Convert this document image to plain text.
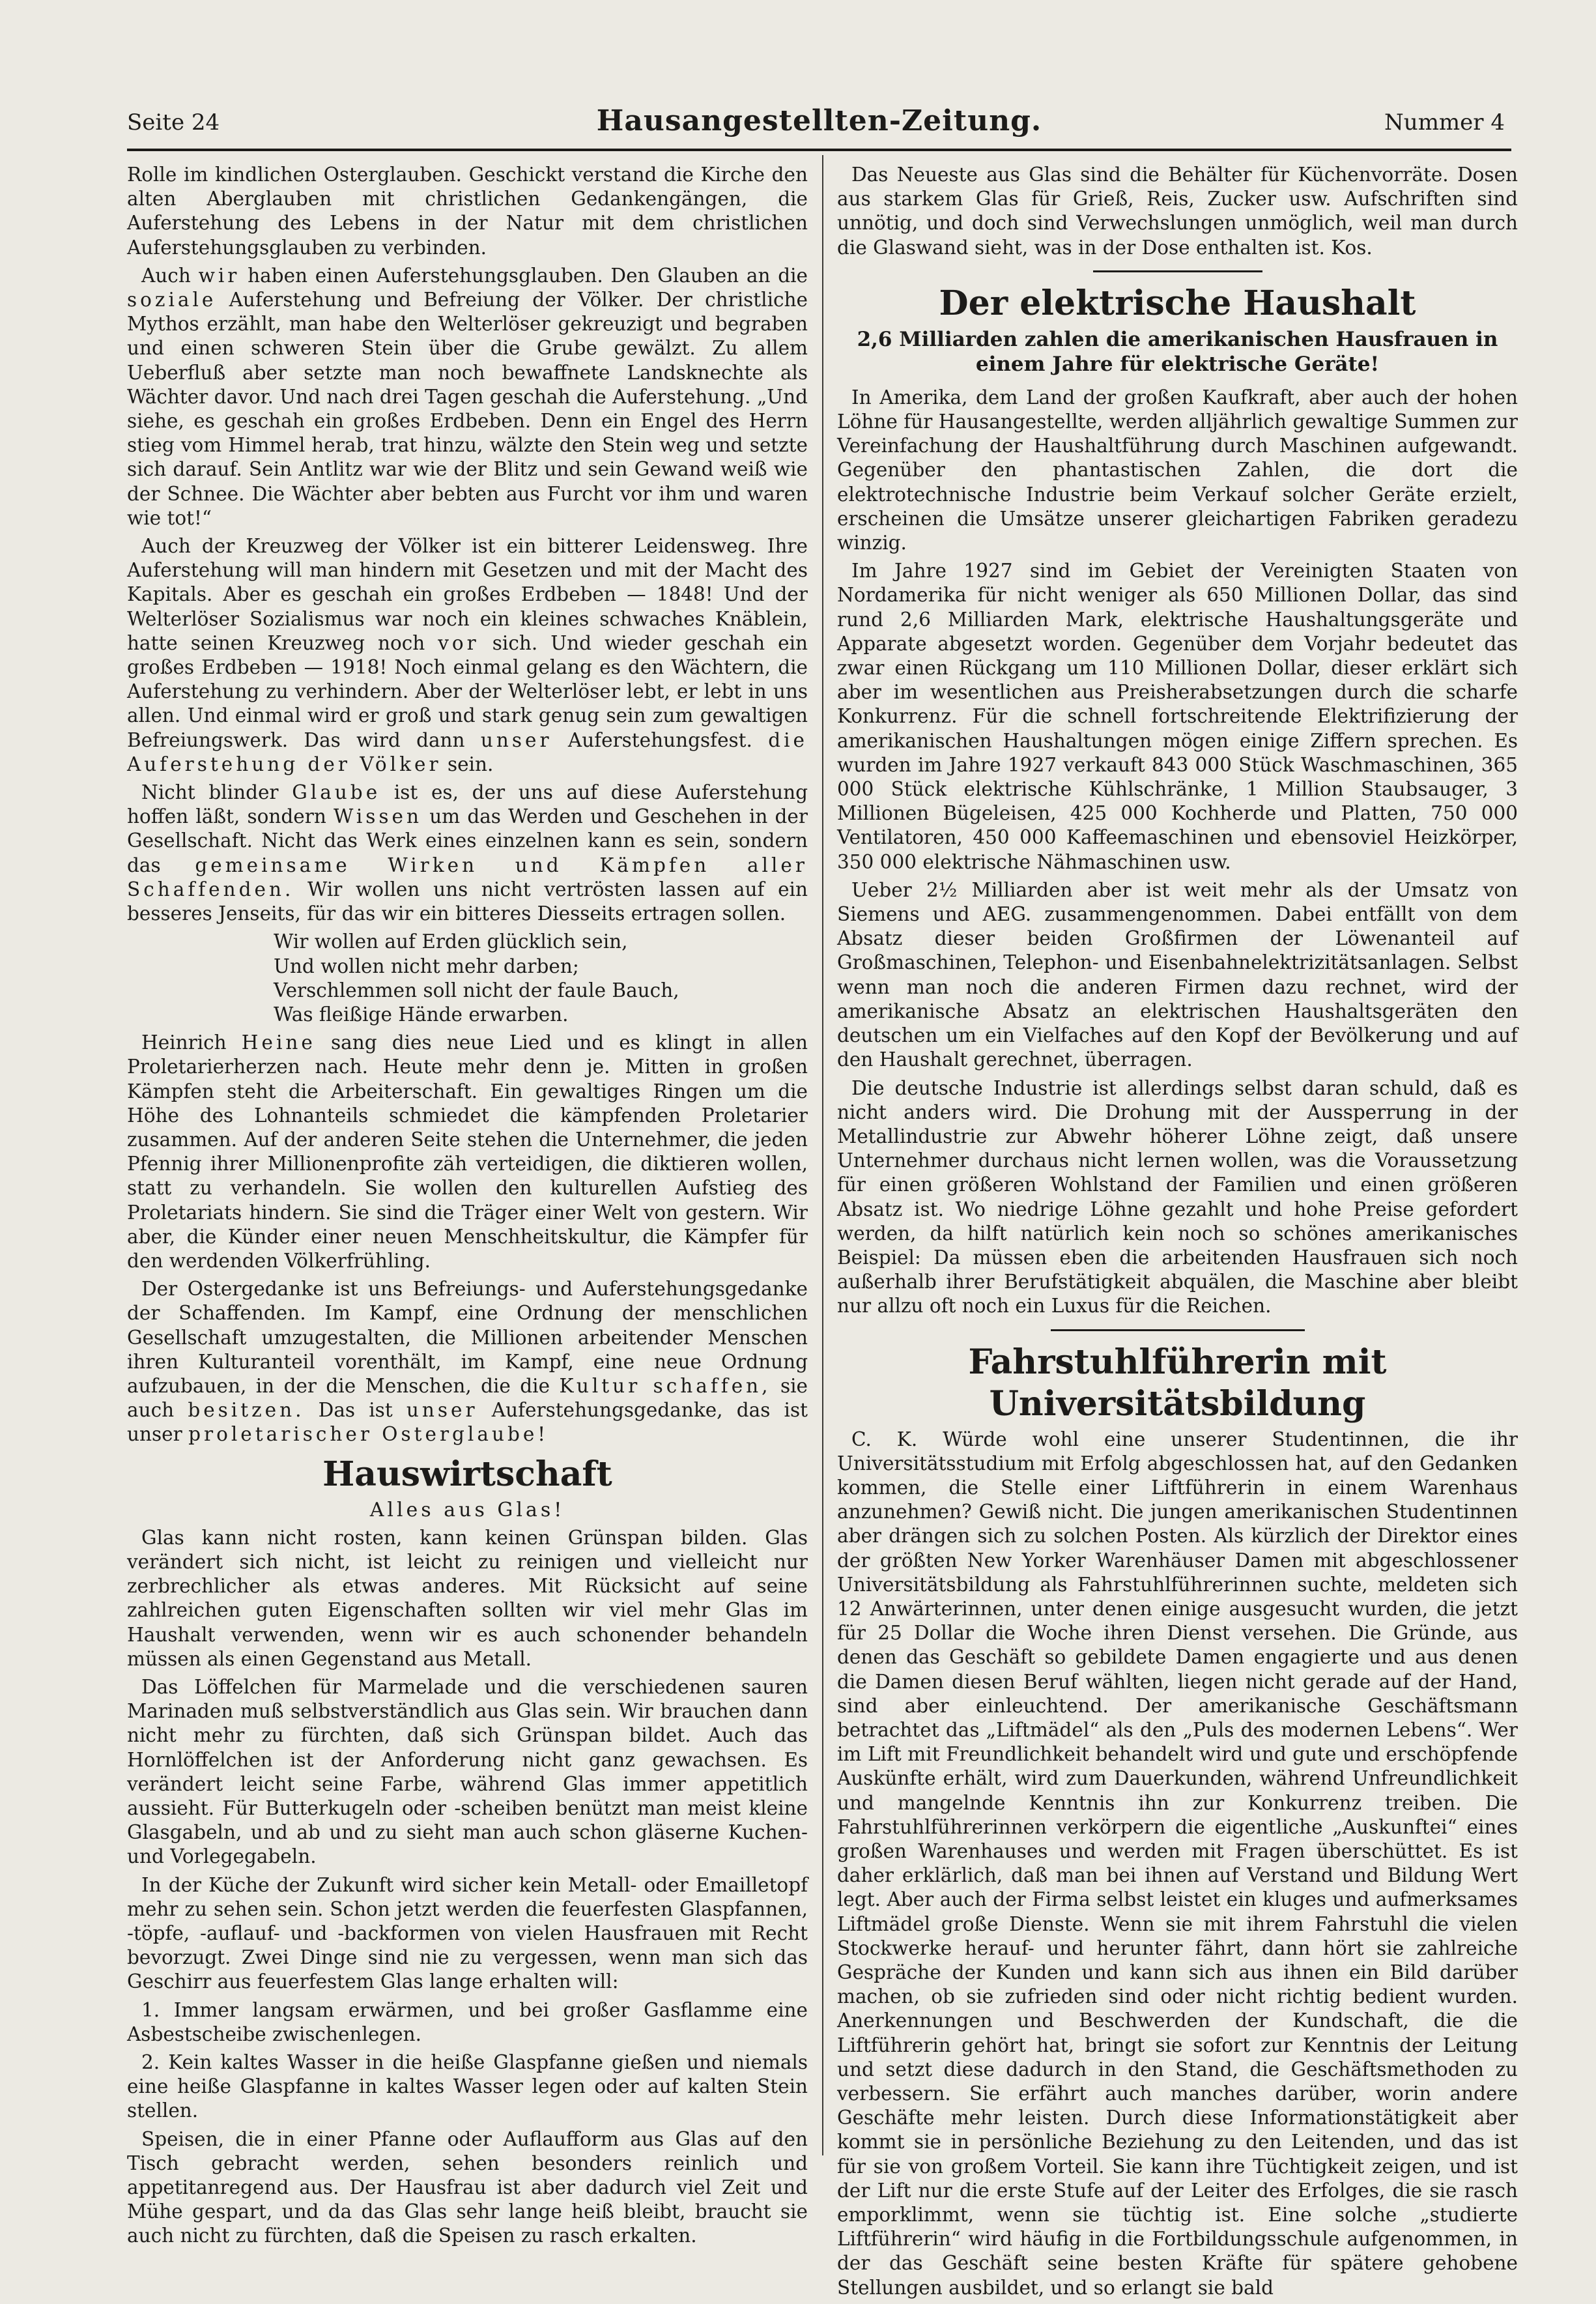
Seite 24	Hausangestellten-Zeitung.	Nummer 4

Rolle im kindlichen Osterglauben. Geschickt verstand die Kirche den alten Aberglauben mit christlichen Gedankengängen, die Auferstehung des Lebens in der Natur mit dem christlichen Auferstehungsglauben zu verbinden.

Auch wir haben einen Auferstehungsglauben. Den Glauben an die soziale Auferstehung und Befreiung der Völker. Der christliche Mythos erzählt, man habe den Welterlöser gekreuzigt und begraben und einen schweren Stein über die Grube gewälzt. Zu allem Ueberfluß aber setzte man noch bewaffnete Landsknechte als Wächter davor. Und nach drei Tagen geschah die Auferstehung. „Und siehe, es geschah ein großes Erdbeben. Denn ein Engel des Herrn stieg vom Himmel herab, trat hinzu, wälzte den Stein weg und setzte sich darauf. Sein Antlitz war wie der Blitz und sein Gewand weiß wie der Schnee. Die Wächter aber bebten aus Furcht vor ihm und waren wie tot!“

Auch der Kreuzweg der Völker ist ein bitterer Leidensweg. Ihre Auferstehung will man hindern mit Gesetzen und mit der Macht des Kapitals. Aber es geschah ein großes Erdbeben — 1848! Und der Welterlöser Sozialismus war noch ein kleines schwaches Knäblein, hatte seinen Kreuzweg noch vor sich. Und wieder geschah ein großes Erdbeben — 1918! Noch einmal gelang es den Wächtern, die Auferstehung zu verhindern. Aber der Welterlöser lebt, er lebt in uns allen. Und einmal wird er groß und stark genug sein zum gewaltigen Befreiungswerk. Das wird dann unser Auferstehungsfest. die Auferstehung der Völker sein.

Nicht blinder Glaube ist es, der uns auf diese Auferstehung hoffen läßt, sondern Wissen um das Werden und Geschehen in der Gesellschaft. Nicht das Werk eines einzelnen kann es sein, sondern das gemeinsame Wirken und Kämpfen aller Schaffenden. Wir wollen uns nicht vertrösten lassen auf ein besseres Jenseits, für das wir ein bitteres Diesseits ertragen sollen.

Wir wollen auf Erden glücklich sein,
Und wollen nicht mehr darben;
Verschlemmen soll nicht der faule Bauch,
Was fleißige Hände erwarben.

Heinrich Heine sang dies neue Lied und es klingt in allen Proletarierherzen nach. Heute mehr denn je. Mitten in großen Kämpfen steht die Arbeiterschaft. Ein gewaltiges Ringen um die Höhe des Lohnanteils schmiedet die kämpfenden Proletarier zusammen. Auf der anderen Seite stehen die Unternehmer, die jeden Pfennig ihrer Millionenprofite zäh verteidigen, die diktieren wollen, statt zu verhandeln. Sie wollen den kulturellen Aufstieg des Proletariats hindern. Sie sind die Träger einer Welt von gestern. Wir aber, die Künder einer neuen Menschheitskultur, die Kämpfer für den werdenden Völkerfrühling.

Der Ostergedanke ist uns Befreiungs- und Auferstehungsgedanke der Schaffenden. Im Kampf, eine Ordnung der menschlichen Gesellschaft umzugestalten, die Millionen arbeitender Menschen ihren Kulturanteil vorenthält, im Kampf, eine neue Ordnung aufzubauen, in der die Menschen, die die Kultur schaffen, sie auch besitzen. Das ist unser Auferstehungsgedanke, das ist unser proletarischer Osterglaube!

Hauswirtschaft
Alles aus Glas!

Glas kann nicht rosten, kann keinen Grünspan bilden. Glas verändert sich nicht, ist leicht zu reinigen und vielleicht nur zerbrechlicher als etwas anderes. Mit Rücksicht auf seine zahlreichen guten Eigenschaften sollten wir viel mehr Glas im Haushalt verwenden, wenn wir es auch schonender behandeln müssen als einen Gegenstand aus Metall.

Das Löffelchen für Marmelade und die verschiedenen sauren Marinaden muß selbstverständlich aus Glas sein. Wir brauchen dann nicht mehr zu fürchten, daß sich Grünspan bildet. Auch das Hornlöffelchen ist der Anforderung nicht ganz gewachsen. Es verändert leicht seine Farbe, während Glas immer appetitlich aussieht. Für Butterkugeln oder -scheiben benützt man meist kleine Glasgabeln, und ab und zu sieht man auch schon gläserne Kuchen- und Vorlegegabeln.

In der Küche der Zukunft wird sicher kein Metall- oder Emailletopf mehr zu sehen sein. Schon jetzt werden die feuerfesten Glaspfannen, -töpfe, -auflauf- und -backformen von vielen Hausfrauen mit Recht bevorzugt. Zwei Dinge sind nie zu vergessen, wenn man sich das Geschirr aus feuerfestem Glas lange erhalten will:

1. Immer langsam erwärmen, und bei großer Gasflamme eine Asbestscheibe zwischenlegen.

2. Kein kaltes Wasser in die heiße Glaspfanne gießen und niemals eine heiße Glaspfanne in kaltes Wasser legen oder auf kalten Stein stellen.

Speisen, die in einer Pfanne oder Auflaufform aus Glas auf den Tisch gebracht werden, sehen besonders reinlich und appetitanregend aus. Der Hausfrau ist aber dadurch viel Zeit und Mühe gespart, und da das Glas sehr lange heiß bleibt, braucht sie auch nicht zu fürchten, daß die Speisen zu rasch erkalten.

Das Neueste aus Glas sind die Behälter für Küchenvorräte. Dosen aus starkem Glas für Grieß, Reis, Zucker usw. Aufschriften sind unnötig, und doch sind Verwechslungen unmöglich, weil man durch die Glaswand sieht, was in der Dose enthalten ist. Kos.

Der elektrische Haushalt
2,6 Milliarden zahlen die amerikanischen Hausfrauen in einem Jahre für elektrische Geräte!

In Amerika, dem Land der großen Kaufkraft, aber auch der hohen Löhne für Hausangestellte, werden alljährlich gewaltige Summen zur Vereinfachung der Haushaltführung durch Maschinen aufgewandt. Gegenüber den phantastischen Zahlen, die dort die elektrotechnische Industrie beim Verkauf solcher Geräte erzielt, erscheinen die Umsätze unserer gleichartigen Fabriken geradezu winzig.

Im Jahre 1927 sind im Gebiet der Vereinigten Staaten von Nordamerika für nicht weniger als 650 Millionen Dollar, das sind rund 2,6 Milliarden Mark, elektrische Haushaltungsgeräte und Apparate abgesetzt worden. Gegenüber dem Vorjahr bedeutet das zwar einen Rückgang um 110 Millionen Dollar, dieser erklärt sich aber im wesentlichen aus Preisherabsetzungen durch die scharfe Konkurrenz. Für die schnell fortschreitende Elektrifizierung der amerikanischen Haushaltungen mögen einige Ziffern sprechen. Es wurden im Jahre 1927 verkauft 843 000 Stück Waschmaschinen, 365 000 Stück elektrische Kühlschränke, 1 Million Staubsauger, 3 Millionen Bügeleisen, 425 000 Kochherde und Platten, 750 000 Ventilatoren, 450 000 Kaffeemaschinen und ebensoviel Heizkörper, 350 000 elektrische Nähmaschinen usw.

Ueber 2½ Milliarden aber ist weit mehr als der Umsatz von Siemens und AEG. zusammengenommen. Dabei entfällt von dem Absatz dieser beiden Großfirmen der Löwenanteil auf Großmaschinen, Telephon- und Eisenbahnelektrizitätsanlagen. Selbst wenn man noch die anderen Firmen dazu rechnet, wird der amerikanische Absatz an elektrischen Haushaltsgeräten den deutschen um ein Vielfaches auf den Kopf der Bevölkerung und auf den Haushalt gerechnet, überragen.

Die deutsche Industrie ist allerdings selbst daran schuld, daß es nicht anders wird. Die Drohung mit der Aussperrung in der Metallindustrie zur Abwehr höherer Löhne zeigt, daß unsere Unternehmer durchaus nicht lernen wollen, was die Voraussetzung für einen größeren Wohlstand der Familien und einen größeren Absatz ist. Wo niedrige Löhne gezahlt und hohe Preise gefordert werden, da hilft natürlich kein noch so schönes amerikanisches Beispiel: Da müssen eben die arbeitenden Hausfrauen sich noch außerhalb ihrer Berufstätigkeit abquälen, die Maschine aber bleibt nur allzu oft noch ein Luxus für die Reichen.

Fahrstuhlführerin mit Universitätsbildung

C. K. Würde wohl eine unserer Studentinnen, die ihr Universitätsstudium mit Erfolg abgeschlossen hat, auf den Gedanken kommen, die Stelle einer Liftführerin in einem Warenhaus anzunehmen? Gewiß nicht. Die jungen amerikanischen Studentinnen aber drängen sich zu solchen Posten. Als kürzlich der Direktor eines der größten New Yorker Warenhäuser Damen mit abgeschlossener Universitätsbildung als Fahrstuhlführerinnen suchte, meldeten sich 12 Anwärterinnen, unter denen einige ausgesucht wurden, die jetzt für 25 Dollar die Woche ihren Dienst versehen. Die Gründe, aus denen das Geschäft so gebildete Damen engagierte und aus denen die Damen diesen Beruf wählten, liegen nicht gerade auf der Hand, sind aber einleuchtend. Der amerikanische Geschäftsmann betrachtet das „Liftmädel“ als den „Puls des modernen Lebens“. Wer im Lift mit Freundlichkeit behandelt wird und gute und erschöpfende Auskünfte erhält, wird zum Dauerkunden, während Unfreundlichkeit und mangelnde Kenntnis ihn zur Konkurrenz treiben. Die Fahrstuhlführerinnen verkörpern die eigentliche „Auskunftei“ eines großen Warenhauses und werden mit Fragen überschüttet. Es ist daher erklärlich, daß man bei ihnen auf Verstand und Bildung Wert legt. Aber auch der Firma selbst leistet ein kluges und aufmerksames Liftmädel große Dienste. Wenn sie mit ihrem Fahrstuhl die vielen Stockwerke herauf- und herunter fährt, dann hört sie zahlreiche Gespräche der Kunden und kann sich aus ihnen ein Bild darüber machen, ob sie zufrieden sind oder nicht richtig bedient wurden. Anerkennungen und Beschwerden der Kundschaft, die die Liftführerin gehört hat, bringt sie sofort zur Kenntnis der Leitung und setzt diese dadurch in den Stand, die Geschäftsmethoden zu verbessern. Sie erfährt auch manches darüber, worin andere Geschäfte mehr leisten. Durch diese Informationstätigkeit aber kommt sie in persönliche Beziehung zu den Leitenden, und das ist für sie von großem Vorteil. Sie kann ihre Tüchtigkeit zeigen, und ist der Lift nur die erste Stufe auf der Leiter des Erfolges, die sie rasch emporklimmt, wenn sie tüchtig ist. Eine solche „studierte Liftführerin“ wird häufig in die Fortbildungsschule aufgenommen, in der das Geschäft seine besten Kräfte für spätere gehobene Stellungen ausbildet, und so erlangt sie bald
